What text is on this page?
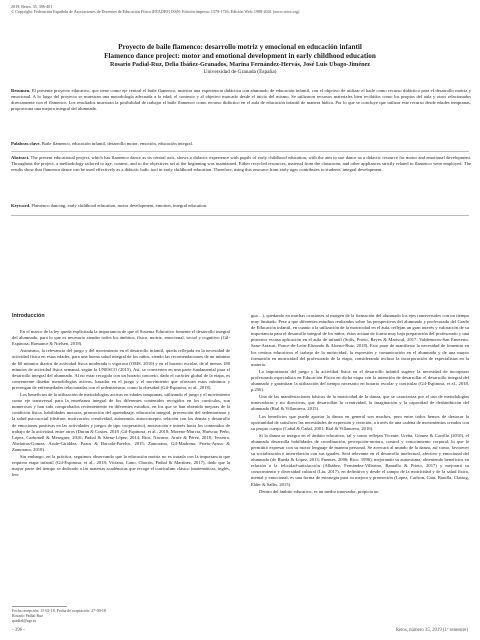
2019, Retos, 35, 396-401
© Copyright: Federación Española de Asociaciones de Docentes de Educación Física (FEADEF) ISSN: Edición impresa: 1579-1726. Edición Web: 1988-2041 (www.retos.org)
Proyecto de baile flamenco: desarrollo motriz y emocional en educación infantil
Flamenco dance project: motor and emotional development in early childhood education
Rosario Padial-Ruz, Delia Ibáñez-Granados, Marina Fernández-Hervás, José Luis Ubago-Jiménez
Universidad de Granada (España)

Resumen. El presente proyecto educativo, que tiene como eje central el baile flamenco, muestra una experiencia didáctica con alumnado de educación infantil, con el objetivo de utilizar el baile como recurso didáctico para el desarrollo motriz y emocional. A lo largo del proyecto se muestran una metodología adecuada a la edad, el contexto y al objetivo marcado desde el inicio del mismo. Se utilizaron recursos materiales bien recibidos como los propios del aula y otros relacionados directamente con el flamenco. Los resultados muestran la posibilidad de trabajar el baile flamenco como recurso didáctico en el aula de educación infantil de manera lúdica. Por lo que se concluye que utilizar este recurso desde edades tempranas, proporciona una mejora integral del alumnado.

Palabras clave. Baile flamenco, educación infantil, desarrollo motor, emoción, educación integral.

Abstract. The present educational project, which has flamenco dance as its central axis, shows a didactic experience with pupils of early childhood education, with the aim to use dance as a didactic resource for motor and emotional development. Throughout the project, a methodology tailored to age, context, and to the objectives set at the beginning was maintained. Either recycled resources, material from the classroom, and other appliances strictly related to flamenco were employed. The results show that flamenco dance can be used effectively as a didactic ludic tool in early childhood education. Therefore, using this resource from early ages contributes to students' integral development.

Keyword. Flamenco dancing, early childhood education, motor development, emotion, integral education.

Introducción

En el marco de la ley queda explicitada la importancia de que el Sistema Educativo fomente el desarrollo integral del alumnado, para lo que es necesario atender todos los ámbitos, físico, motriz, emocional, social y cognitivo (Gil-Espinosa, Romance & Nielsen, 2018).

Asimismo, la relevancia del juego y del movimiento en el desarrollo infantil, queda reflejada en la necesidad de actividad física en estas edades, para una buena salud integral de los niños, siendo las recomendaciones de un mínimo de 60 minutos diarios de actividad física moderada o vigorosa (OMS, 2010) y en el horario escolar, de al menos 180 minutos de actividad física semanal, según la UNESCO (2015). Así, se convierten en una parte fundamental para el desarrollo integral del alumnado. Al no estar recogida con un horario concreto, dado el carácter global de la etapa, es conveniente diseñar metodologías activas, basadas en el juego y el movimiento que ofrezcan estos mínimos y prevengan de enfermedades relacionadas con el sedentarismo, como la obesidad (Gil-Espinosa, et al., 2018).

Los beneficios de la utilización de metodologías activas en edades tempranas, utilizando el juego y el movimiento como eje transversal para la enseñanza integral de los diferentes contenidos recogidos en los currículos, son numerosos y han sido comprobados recientemente en diferentes estudios, en los que se han obtenido mejoras de la condición física, habilidades motoras, promoción del aprendizaje, educación integral, prevención del sedentarismo y la salud psicosocial (disfrute, motivación, creatividad, autonomía, autoconcepto, relación con los demás y desarrollo de emociones positivas en las actividades y juegos de tipo cooperativo), motivación e interés hacia los contenidos de trabajo de la actividad, entre otros (Duran & Costes, 2018 ;Gil-Espinosa, et al., 2018; Moreno-Murcia, Huéscar, Peño, López, Carbonell & Meseguer, 2016; Padial & Sáenz-López, 2014; Ríos, Navarro, Arufe & Pérez, 2018; Teixeira, Abelairas-Gomez, Arufe-Giráldez, Pazos & Barcala-Furelos, 2015; Zamorano, Gil-Madrona, Prieto-Ayuso & Zamorano, 2018).

Sin embargo, en la práctica, seguimos observando que la educación motriz no es tratada con la importancia que requiera etapa infantil (Gil-Espinosa, et al., 2018; Viciana, Cano, Chacón, Padial & Martínez, 2017), dado que la mayor parte del tiempo se dedicado a las materias académicas que recoge el currículum clásico (matemáticas, inglés, len-

gua…), quedando en muchas ocasiones al margen de la formación del alumnado los ejes transversales con un tiempo muy limitado. Pese a que diferentes estudios realizados sobre las perspectivas del alumnado y profesorado del Grado de Educación infantil, en cuanto a la utilización de la motricidad en el aula, reflejan un gran interés y valoración de su importancia para el desarrollo integral de los niños, éstos actúan de forma muy baja preparación del profesorado y una posterior escasa aplicación en el aula de infantil (Solís, Prieto, Reyes & Mariscal, 2017; Valdemoros-San Emeterio, Sanz-Arazuri, Ponce-de-León-Elizondo & Alonso-Ruiz, 2018). Esto pone de manifiesto la necesidad de fomentar en los centros educativos el trabajo de la motricidad, la expresión y comunicación en el alumnado y de una mayor formación en motricidad del profesorado de la etapa, considerando incluso la incorporación de especialistas en la materia.

La importancia del juego y la actividad física en el desarrollo infantil sugiere la necesidad de incorporar profesorado especialista en Educación Física en dicha etapa con la intención de desarrollar el desarrollo integral del alumnado y garantizar la utilización del tiempo necesario en horario escolar y curricular (Gil-Espinosa, et al., 2018, p.256).

Una de las manifestaciones básicas de la motricidad de la danza, que se caracteriza por el uso de metodologías innovadoras y no directivas, que desarrollan la creatividad, la imaginación y la capacidad de deshinibición del alumnado (Rial & Villanueva, 2015).

Los beneficios que puede aportar la danza en general son muchos, pero entre todos hemos de destacar la oportunidad de satisfacer las necesidades de expresión y creación, a través de una cadena de movimientos creados con su propio cuerpo (Cañal & Cañal, 2001; Rial & Villanueva, 2016).

Si la danza se integra en el ámbito educativo, tal y como reflejan Vicente, Ureña, Gómez & Carrillo (2010), el alumnado desarrolla habilidades de coordinación, percepción-motora, control y conocimiento corporal, lo que le permitirá expresar con su motor lenguaje de manera personal. Se acercará al mundo de la danza, así como, favorecer su socialización e interrelación con sus iguales. Será relevante en el desarrollo intelectual, afectivo y emocional del alumnado (de Rueda & López, 2013; Fuentes, 2006; Rico, 1996), mejorando su autoestima, obteniendo beneficios en relación a la felicidad-satisfacción (Albáñez, Fernández-Villarino, Ramallo & Prieto, 2017) y mejorará su conocimiento y diversidad cultural (Liu, 2017), en definitiva y desde el campo de la motricidad y de la salud física, mental y emocional, es una forma de estrategia para su mejora y promoción (López, Carlson, Cain, Bonilla, Clausig, Elder & Sallis, 2015).

Dentro del ámbito educativo, es un medio innovador, propicia un

Fecha recepción: 11-02-18. Fecha de aceptación: 27-09-18
Rosario Padial Ruz
rpadial@ugr.es
- 396 -	Retos, número 35, 2019 (1º semestre)
